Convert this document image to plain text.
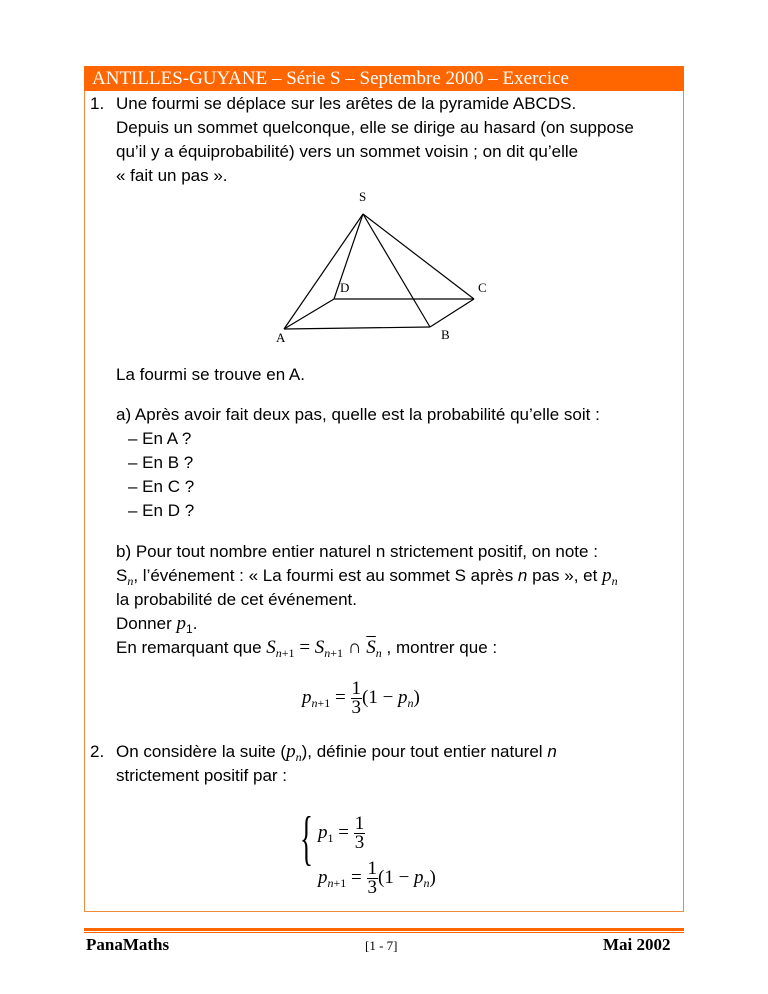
ANTILLES-GUYANE – Série S – Septembre 2000 – Exercice
1. Une fourmi se déplace sur les arêtes de la pyramide ABCDS.
Depuis un sommet quelconque, elle se dirige au hasard (on suppose
qu’il y a équiprobabilité) vers un sommet voisin ; on dit qu’elle
« fait un pas ».
S
D	C
A	B
La fourmi se trouve en A.
a) Après avoir fait deux pas, quelle est la probabilité qu’elle soit :
– En A ?
– En B ?
– En C ?
– En D ?
b) Pour tout nombre entier naturel n strictement positif, on note :
$S_n$, l’événement : « La fourmi est au sommet S après n pas », et $p_n$
la probabilité de cet événement.
Donner $p_1$.
En remarquant que $S_{n+1} = S_{n+1}$ ∩ $\overline{S}_n$ , montrer que :
$p_{n+1} = \frac{1}{3} (1 - p_n)$
2. On considère la suite $(p_n)$, définie pour tout entier naturel n
strictement positif par :
{ $p_1 = \frac{1}{3}$
$p_{n+1} = \frac{1}{3} (1 - p_n)$
PanaMaths	[1 - 7]	Mai 2002
